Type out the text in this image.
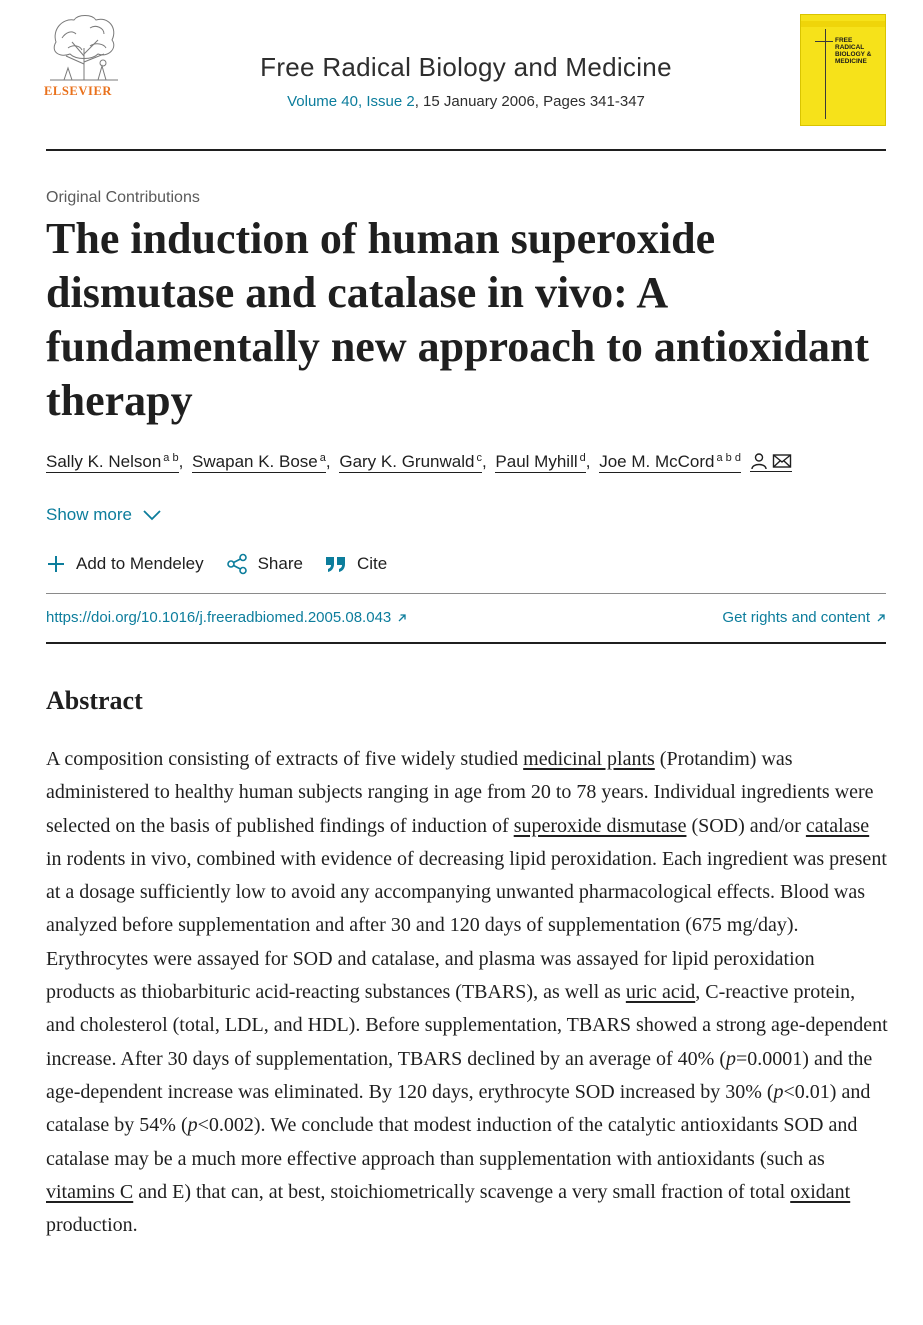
ELSEVIER
Free Radical Biology and Medicine
Volume 40, Issue 2, 15 January 2006, Pages 341-347
FREE RADICAL BIOLOGY & MEDICINE
Original Contributions
The induction of human superoxide dismutase and catalase in vivo: A fundamentally new approach to antioxidant therapy
Sally K. Nelson $^{a b}$, Swapan K. Bose $^a$, Gary K. Grunwald $^c$, Paul Myhill $^d$, Joe M. McCord $^{a b d}$
Show more
Add to Mendeley	Share	Cite
https://doi.org/10.1016/j.freeradbiomed.2005.08.043	Get rights and content
Abstract

A composition consisting of extracts of five widely studied medicinal plants (Protandim) was administered to healthy human subjects ranging in age from 20 to 78 years. Individual ingredients were selected on the basis of published findings of induction of superoxide dismutase (SOD) and/or catalase in rodents in vivo, combined with evidence of decreasing lipid peroxidation. Each ingredient was present at a dosage sufficiently low to avoid any accompanying unwanted pharmacological effects. Blood was analyzed before supplementation and after 30 and 120 days of supplementation (675 mg/day). Erythrocytes were assayed for SOD and catalase, and plasma was assayed for lipid peroxidation products as thiobarbituric acid-reacting substances (TBARS), as well as uric acid, C-reactive protein, and cholesterol (total, LDL, and HDL). Before supplementation, TBARS showed a strong age-dependent increase. After 30 days of supplementation, TBARS declined by an average of 40% (p=0.0001) and the age-dependent increase was eliminated. By 120 days, erythrocyte SOD increased by 30% (p<0.01) and catalase by 54% (p<0.002). We conclude that modest induction of the catalytic antioxidants SOD and catalase may be a much more effective approach than supplementation with antioxidants (such as vitamins C and E) that can, at best, stoichiometrically scavenge a very small fraction of total oxidant production.
